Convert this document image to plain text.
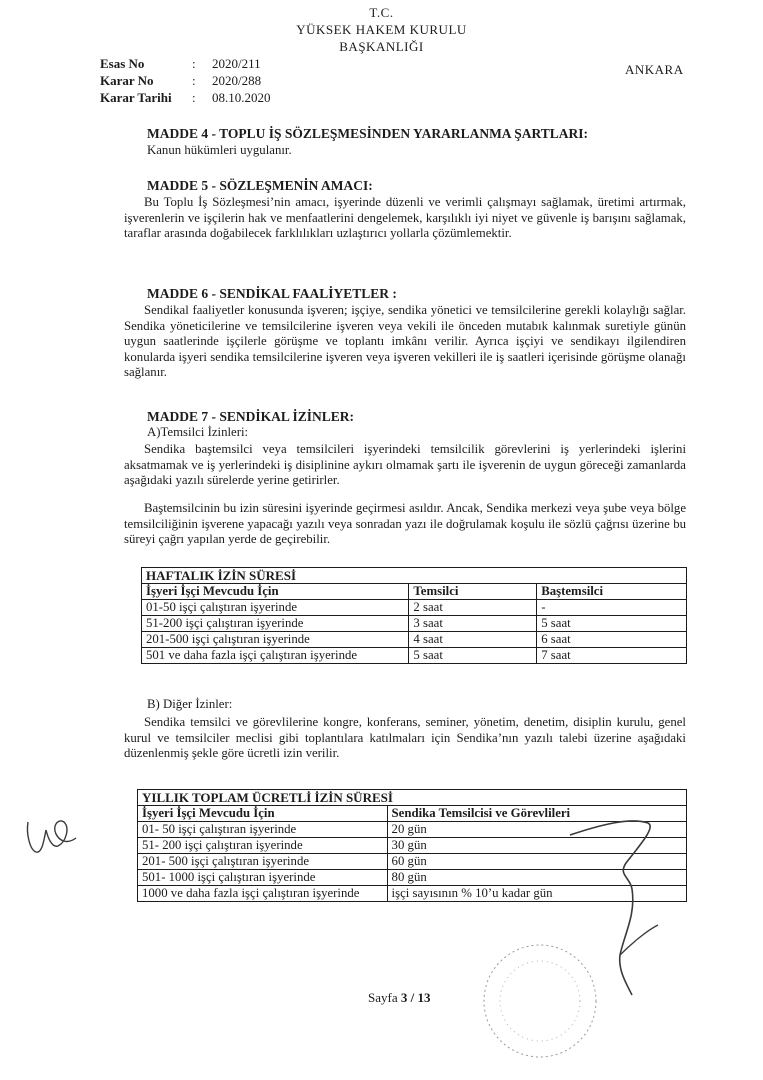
T.C.
YÜKSEK HAKEM KURULU
BAŞKANLIĞI
ANKARA
Esas No	: 2020/211
Karar No	: 2020/288
Karar Tarihi : 08.10.2020
MADDE 4 - TOPLU İŞ SÖZLEŞMESİNDEN YARARLANMA ŞARTLARI:
Kanun hükümleri uygulanır.
MADDE 5 - SÖZLEŞMENİN AMACI:
Bu Toplu İş Sözleşmesi’nin amacı, işyerinde düzenli ve verimli çalışmayı sağlamak, üretimi artırmak, işverenlerin ve işçilerin hak ve menfaatlerini dengelemek, karşılıklı iyi niyet ve güvenle iş barışını sağlamak, taraflar arasında doğabilecek farklılıkları uzlaştırıcı yollarla çözümlemektir.
MADDE 6 - SENDİKAL FAALİYETLER :
Sendikal faaliyetler konusunda işveren; işçiye, sendika yönetici ve temsilcilerine gerekli kolaylığı sağlar. Sendika yöneticilerine ve temsilcilerine işveren veya vekili ile önceden mutabık kalınmak suretiyle günün uygun saatlerinde işçilerle görüşme ve toplantı imkânı verilir. Ayrıca işçiyi ve sendikayı ilgilendiren konularda işyeri sendika temsilcilerine işveren veya işveren vekilleri ile iş saatleri içerisinde görüşme olanağı sağlanır.
MADDE 7 - SENDİKAL İZİNLER:
A)Temsilci İzinleri:
Sendika baştemsilci veya temsilcileri işyerindeki temsilcilik görevlerini iş yerlerindeki işlerini aksatmamak ve iş yerlerindeki iş disiplinine aykırı olmamak şartı ile işverenin de uygun göreceği zamanlarda aşağıdaki yazılı sürelerde yerine getirirler.
Baştemsilcinin bu izin süresini işyerinde geçirmesi asıldır. Ancak, Sendika merkezi veya şube veya bölge temsilciliğinin işverene yapacağı yazılı veya sonradan yazı ile doğrulamak koşulu ile sözlü çağrısı üzerine bu süreyi çağrı yapılan yerde de geçirebilir.
HAFTALIK İZİN SÜRESİ		
İşyeri İşçi Mevcudu İçin	Temsilci	Baştemsilci
01-50 işçi çalıştıran işyerinde	2 saat	-
51-200 işçi çalıştıran işyerinde	3 saat	5 saat
201-500 işçi çalıştıran işyerinde	4 saat	6 saat
501 ve daha fazla işçi çalıştıran işyerinde	5 saat	7 saat
B) Diğer İzinler:
Sendika temsilci ve görevlilerine kongre, konferans, seminer, yönetim, denetim, disiplin kurulu, genel kurul ve temsilciler meclisi gibi toplantılara katılmaları için Sendika’nın yazılı talebi üzerine aşağıdaki düzenlenmiş şekle göre ücretli izin verilir.
YILLIK TOPLAM ÜCRETLİ İZİN SÜRESİ	
İşyeri İşçi Mevcudu İçin	Sendika Temsilcisi ve Görevlileri
01- 50 işçi çalıştıran işyerinde	20 gün
51- 200 işçi çalıştıran işyerinde	30 gün
201- 500 işçi çalıştıran işyerinde	60 gün
501- 1000 işçi çalıştıran işyerinde	80 gün
1000 ve daha fazla işçi çalıştıran işyerinde	işçi sayısının % 10’u kadar gün
Sayfa 3 / 13
